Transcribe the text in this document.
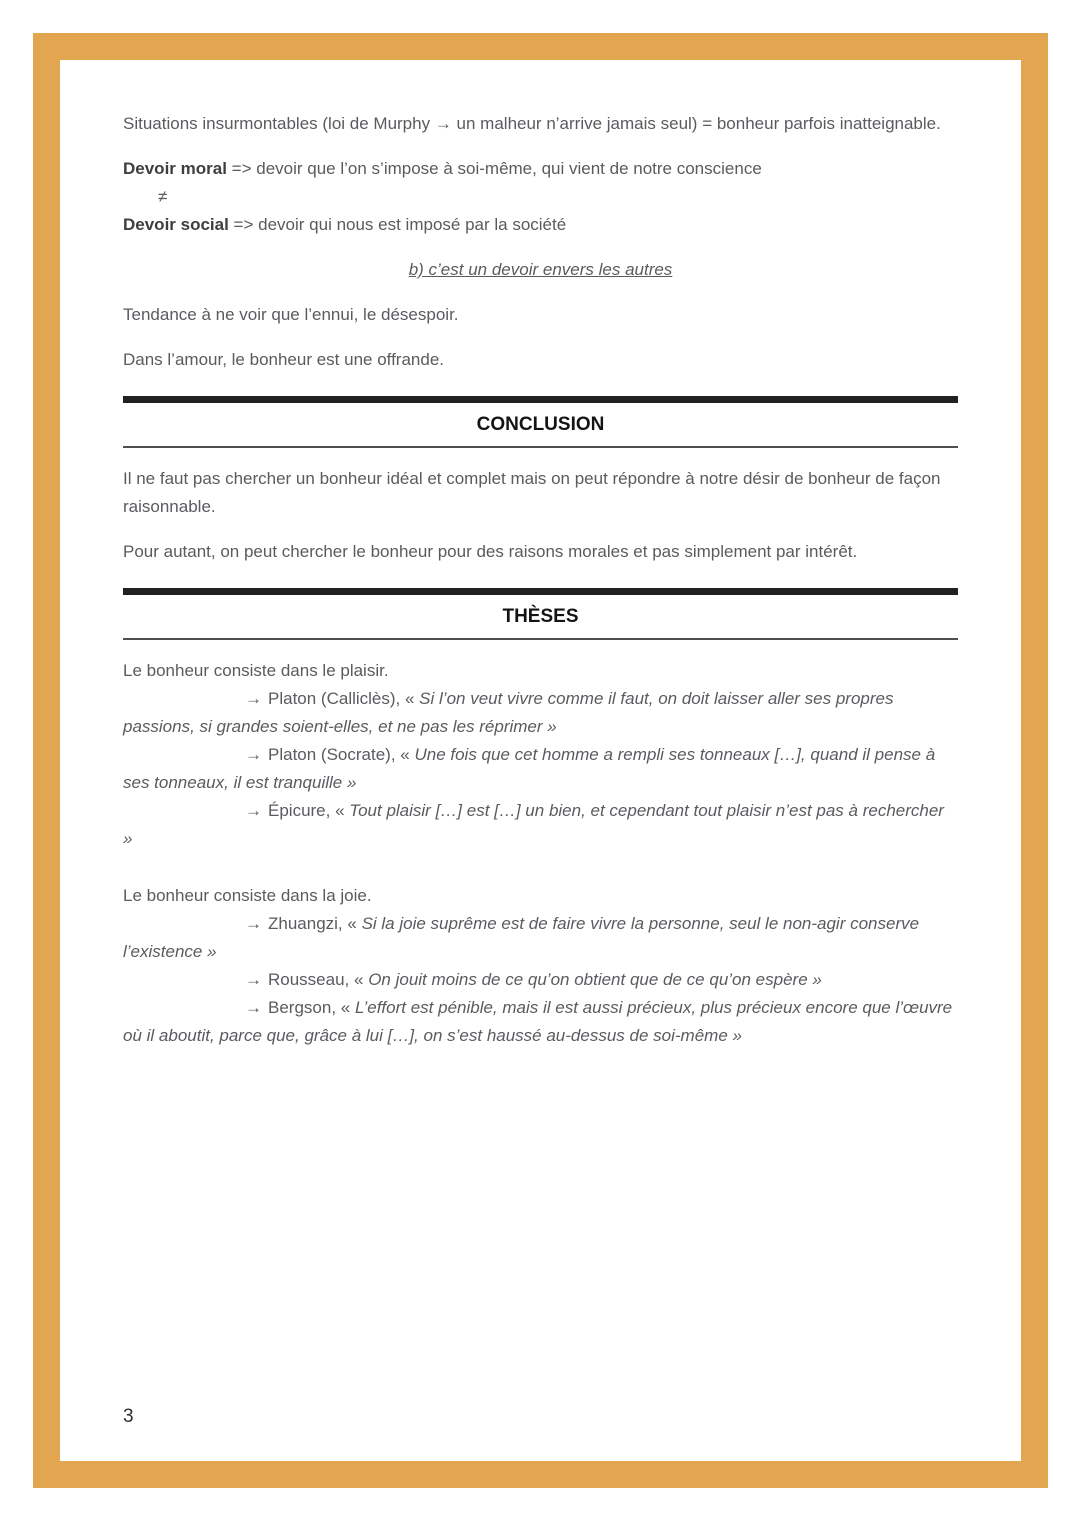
Situations insurmontables (loi de Murphy → un malheur n’arrive jamais seul) = bonheur parfois inatteignable.

Devoir moral => devoir que l’on s’impose à soi-même, qui vient de notre conscience
≠
Devoir social => devoir qui nous est imposé par la société

b) c’est un devoir envers les autres

Tendance à ne voir que l’ennui, le désespoir.

Dans l’amour, le bonheur est une offrande.

CONCLUSION

Il ne faut pas chercher un bonheur idéal et complet mais on peut répondre à notre désir de bonheur de façon raisonnable.

Pour autant, on peut chercher le bonheur pour des raisons morales et pas simplement par intérêt.

THÈSES

Le bonheur consiste dans le plaisir.

→ Platon (Calliclès), « Si l’on veut vivre comme il faut, on doit laisser aller ses propres passions, si grandes soient-elles, et ne pas les réprimer »

→ Platon (Socrate), « Une fois que cet homme a rempli ses tonneaux […], quand il pense à ses tonneaux, il est tranquille »

→ Épicure, « Tout plaisir […] est […] un bien, et cependant tout plaisir n’est pas à rechercher »

Le bonheur consiste dans la joie.

→ Zhuangzi, « Si la joie suprême est de faire vivre la personne, seul le non-agir conserve l’existence »

→ Rousseau, « On jouit moins de ce qu’on obtient que de ce qu’on espère »

→ Bergson, « L’effort est pénible, mais il est aussi précieux, plus précieux encore que l’œuvre où il aboutit, parce que, grâce à lui […], on s’est haussé au-dessus de soi-même »

3
